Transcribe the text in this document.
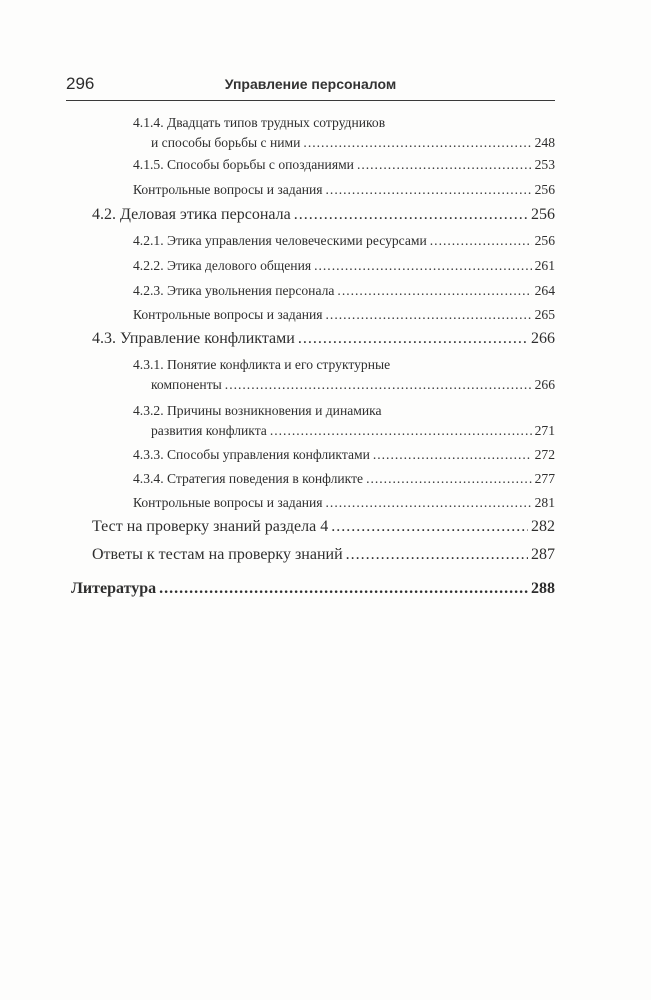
296	Управление персоналом
4.1.4. Двадцать типов трудных сотрудников
и способы борьбы с ними .....	248
4.1.5. Способы борьбы с опозданиями .....	253
Контрольные вопросы и задания .....	256
4.2. Деловая этика персонала .....	256
4.2.1. Этика управления человеческими ресурсами .....	256
4.2.2. Этика делового общения .....	261
4.2.3. Этика увольнения персонала .....	264
Контрольные вопросы и задания .....	265
4.3. Управление конфликтами .....	266
4.3.1. Понятие конфликта и его структурные
компоненты .....	266
4.3.2. Причины возникновения и динамика
развития конфликта .....	271
4.3.3. Способы управления конфликтами .....	272
4.3.4. Стратегия поведения в конфликте .....	277
Контрольные вопросы и задания .....	281
Тест на проверку знаний раздела 4 .....	282
Ответы к тестам на проверку знаний .....	287
Литература .....	288
